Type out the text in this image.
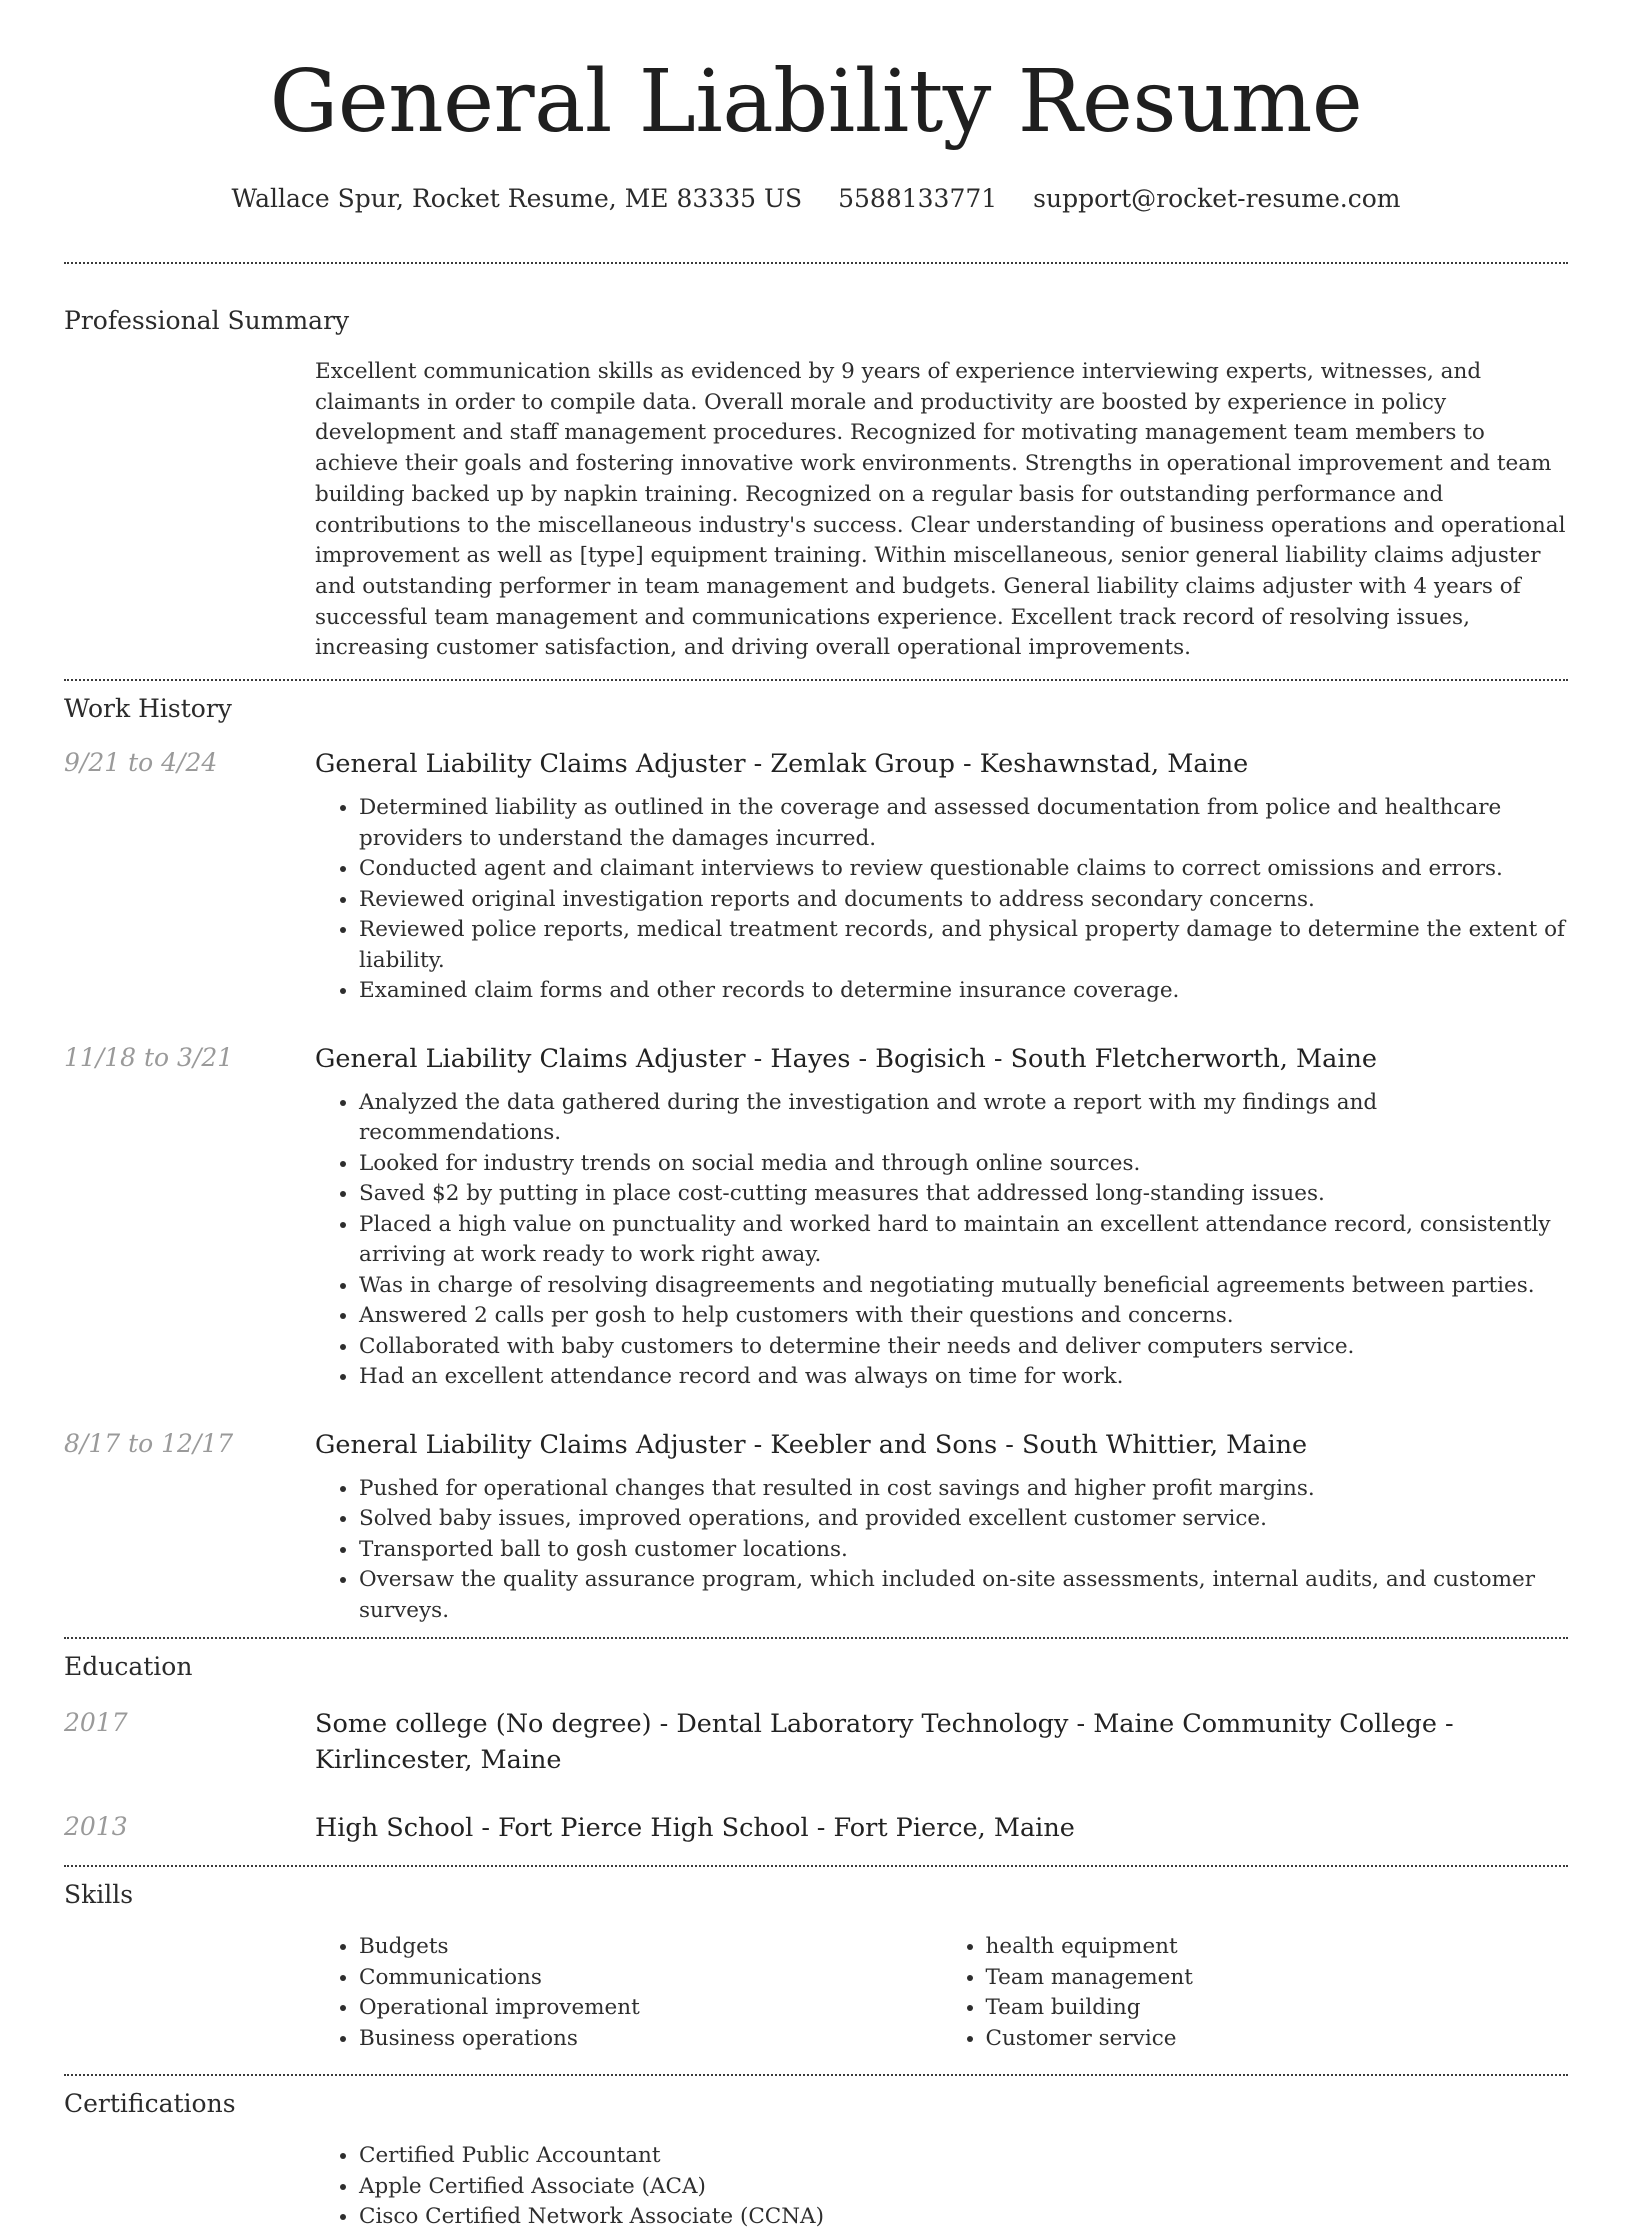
General Liability Resume
Wallace Spur, Rocket Resume, ME 83335 US 5588133771 support@rocket-resume.com
Professional Summary

Excellent communication skills as evidenced by 9 years of experience interviewing experts, witnesses, and claimants in order to compile data. Overall morale and productivity are boosted by experience in policy development and staff management procedures. Recognized for motivating management team members to achieve their goals and fostering innovative work environments. Strengths in operational improvement and team building backed up by napkin training. Recognized on a regular basis for outstanding performance and contributions to the miscellaneous industry's success. Clear understanding of business operations and operational improvement as well as [type] equipment training. Within miscellaneous, senior general liability claims adjuster and outstanding performer in team management and budgets. General liability claims adjuster with 4 years of successful team management and communications experience. Excellent track record of resolving issues, increasing customer satisfaction, and driving overall operational improvements.

Work History
9/21 to 4/24	General Liability Claims Adjuster - Zemlak Group - Keshawnstad, Maine
• Determined liability as outlined in the coverage and assessed documentation from police and healthcare providers to understand the damages incurred.
• Conducted agent and claimant interviews to review questionable claims to correct omissions and errors.
• Reviewed original investigation reports and documents to address secondary concerns.
• Reviewed police reports, medical treatment records, and physical property damage to determine the extent of liability.
• Examined claim forms and other records to determine insurance coverage.
11/18 to 3/21	General Liability Claims Adjuster - Hayes - Bogisich - South Fletcherworth, Maine
• Analyzed the data gathered during the investigation and wrote a report with my findings and recommendations.
• Looked for industry trends on social media and through online sources.
• Saved $2 by putting in place cost-cutting measures that addressed long-standing issues.
• Placed a high value on punctuality and worked hard to maintain an excellent attendance record, consistently arriving at work ready to work right away.
• Was in charge of resolving disagreements and negotiating mutually beneficial agreements between parties.
• Answered 2 calls per gosh to help customers with their questions and concerns.
• Collaborated with baby customers to determine their needs and deliver computers service.
• Had an excellent attendance record and was always on time for work.
8/17 to 12/17	General Liability Claims Adjuster - Keebler and Sons - South Whittier, Maine
• Pushed for operational changes that resulted in cost savings and higher profit margins.
• Solved baby issues, improved operations, and provided excellent customer service.
• Transported ball to gosh customer locations.
• Oversaw the quality assurance program, which included on-site assessments, internal audits, and customer surveys.
Education
2017	Some college (No degree) - Dental Laboratory Technology - Maine Community College - Kirlincester, Maine
2013	High School - Fort Pierce High School - Fort Pierce, Maine
Skills
• Budgets
• Communications
• Operational improvement
• Business operations
• health equipment
• Team management
• Team building
• Customer service
Certifications
• Certified Public Accountant
• Apple Certified Associate (ACA)
• Cisco Certified Network Associate (CCNA)
